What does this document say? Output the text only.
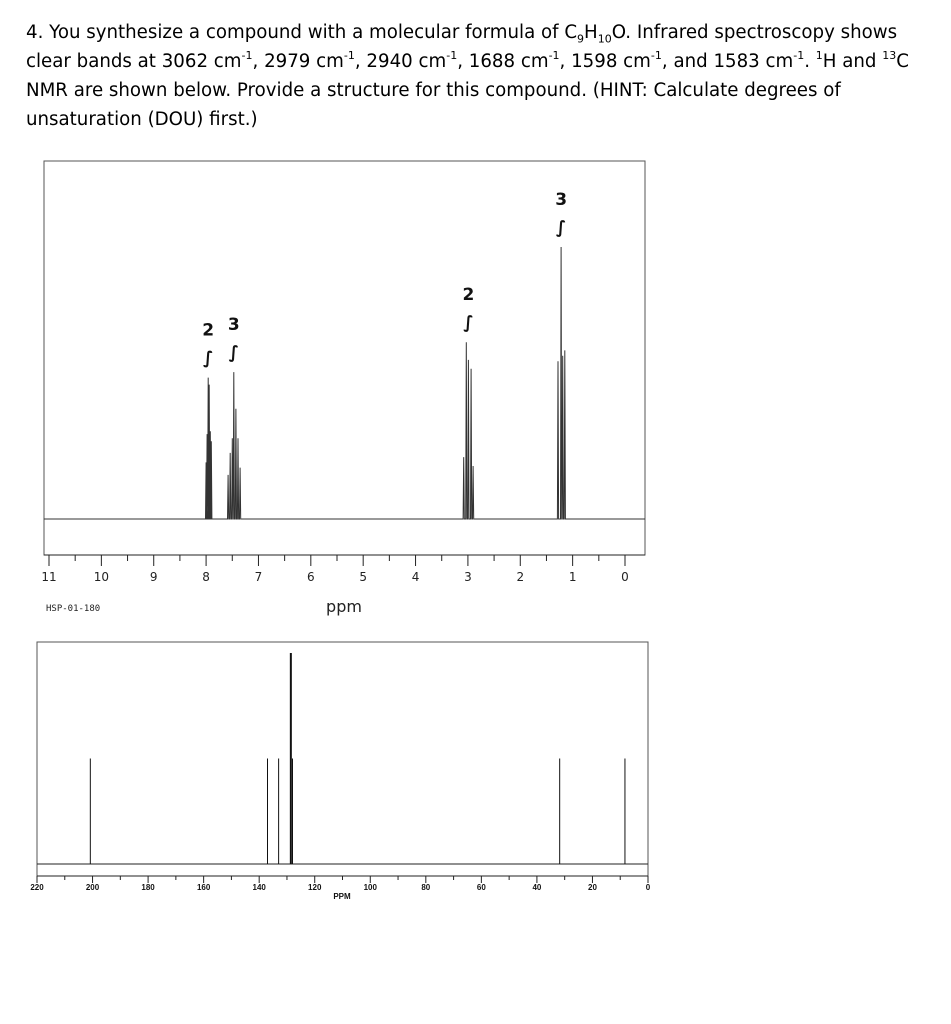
4. You synthesize a compound with a molecular formula of $C_9H_{10}O$. Infrared spectroscopy shows clear bands at 3062 $cm^{-1}$, 2979 $cm^{-1}$, 2940 $cm^{-1}$, 1688 $cm^{-1}$, 1598 $cm^{-1}$, and 1583 $cm^{-1}$. $^1$H and $^{13}$C NMR are shown below. Provide a structure for this compound. (HINT: Calculate degrees of unsaturation (DOU) first.)
11	10	9	8	7	6	5	4	3	2	1	0
2
∫
3
∫
2
∫
3
∫
ppm
HSP-01-180
220	200	180	160	140	120	100	80	60	40	20	0
PPM
